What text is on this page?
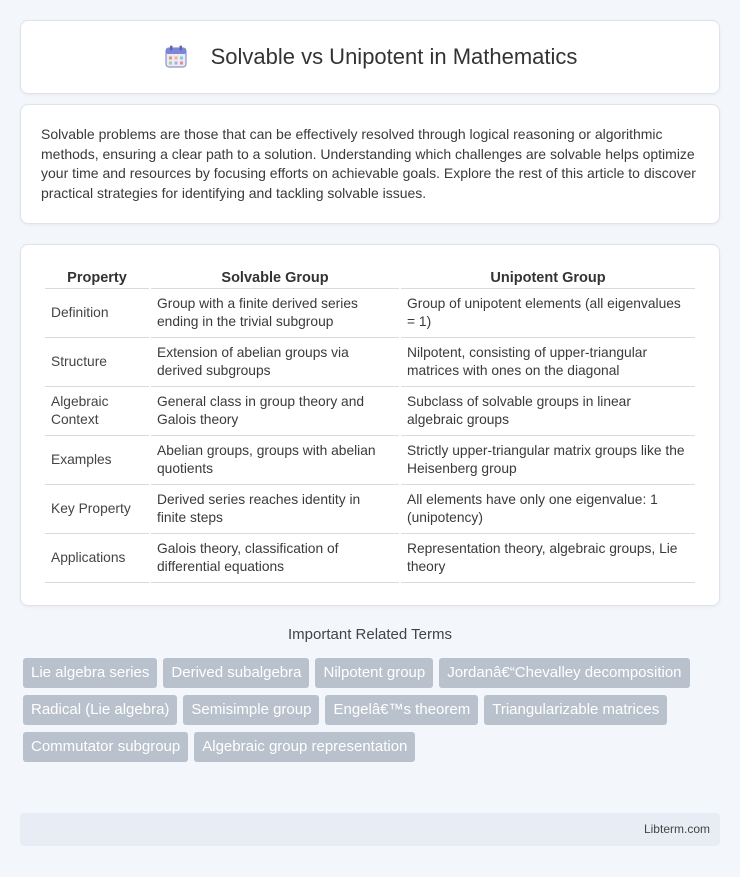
Solvable vs Unipotent in Mathematics

Solvable problems are those that can be effectively resolved through logical reasoning or algorithmic methods, ensuring a clear path to a solution. Understanding which challenges are solvable helps optimize your time and resources by focusing efforts on achievable goals. Explore the rest of this article to discover practical strategies for identifying and tackling solvable issues.

Property	Solvable Group	Unipotent Group
Definition	Group with a finite derived series ending in the trivial subgroup	Group of unipotent elements (all eigenvalues = 1)
Structure	Extension of abelian groups via derived subgroups	Nilpotent, consisting of upper-triangular matrices with ones on the diagonal
Algebraic Context	General class in group theory and Galois theory	Subclass of solvable groups in linear algebraic groups
Examples	Abelian groups, groups with abelian quotients	Strictly upper-triangular matrix groups like the Heisenberg group
Key Property	Derived series reaches identity in finite steps	All elements have only one eigenvalue: 1 (unipotency)
Applications	Galois theory, classification of differential equations	Representation theory, algebraic groups, Lie theory
Important Related Terms
Lie algebra series	Derived subalgebra	Nilpotent group	Jordanâ€“Chevalley decomposition
Radical (Lie algebra)	Semisimple group	Engelâ€™s theorem	Triangularizable matrices
Commutator subgroup	Algebraic group representation
Libterm.com
